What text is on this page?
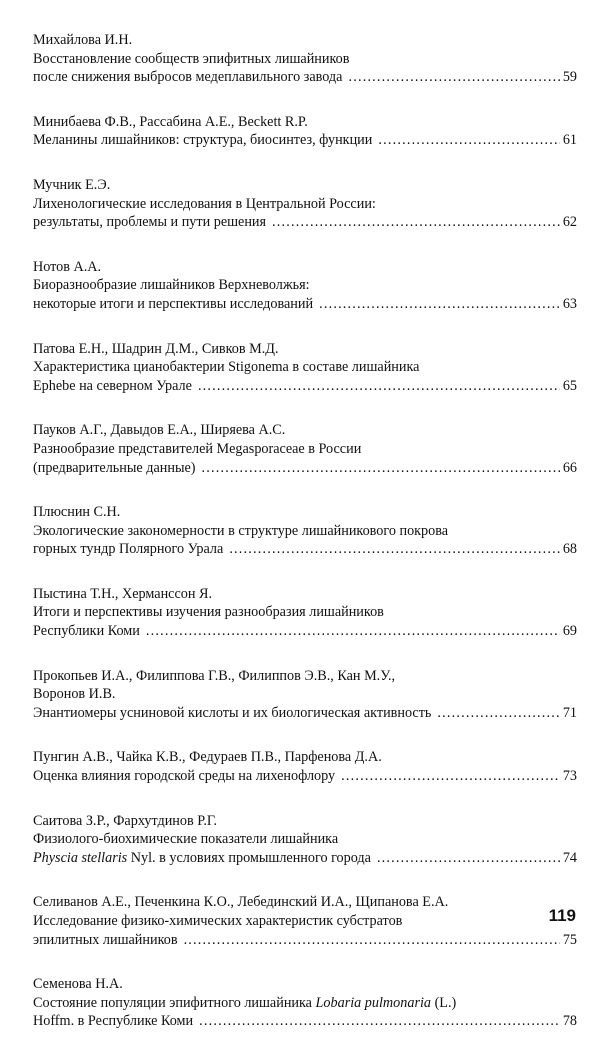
Михайлова И.Н.
Восстановление сообществ эпифитных лишайников
после снижения выбросов медеплавильного завода .....	59
Минибаева Ф.В., Рассабина А.Е., Beckett R.P.
Меланины лишайников: структура, биосинтез, функции .....	61
Мучник Е.Э.
Лихенологические исследования в Центральной России:
результаты, проблемы и пути решения .....	62
Нотов А.А.
Биоразнообразие лишайников Верхневолжья:
некоторые итоги и перспективы исследований .....	63
Патова Е.Н., Шадрин Д.М., Сивков М.Д.
Характеристика цианобактерии Stigonema в составе лишайника
Ephebe на северном Урале .....	65
Пауков А.Г., Давыдов Е.А., Ширяева А.С.
Разнообразие представителей Megasporaceae в России
(предварительные данные) .....	66
Плюснин С.Н.
Экологические закономерности в структуре лишайникового покрова
горных тундр Полярного Урала .....	68
Пыстина Т.Н., Херманссон Я.
Итоги и перспективы изучения разнообразия лишайников
Республики Коми .....	69
Прокопьев И.А., Филиппова Г.В., Филиппов Э.В., Кан М.У.,
Воронов И.В.
Энантиомеры усниновой кислоты и их биологическая активность .....	71
Пунгин А.В., Чайка К.В., Федураев П.В., Парфенова Д.А.
Оценка влияния городской среды на лихенофлору .....	73
Саитова З.Р., Фархутдинов Р.Г.
Физиолого-биохимические показатели лишайника
Physcia stellaris Nyl. в условиях промышленного города .....	74
Селиванов А.Е., Печенкина К.О., Лебединский И.А., Щипанова Е.А.
Исследование физико-химических характеристик субстратов
эпилитных лишайников .....	75
Семенова Н.А.
Состояние популяции эпифитного лишайника Lobaria pulmonaria (L.)
Hoffm. в Республике Коми .....	78
119
